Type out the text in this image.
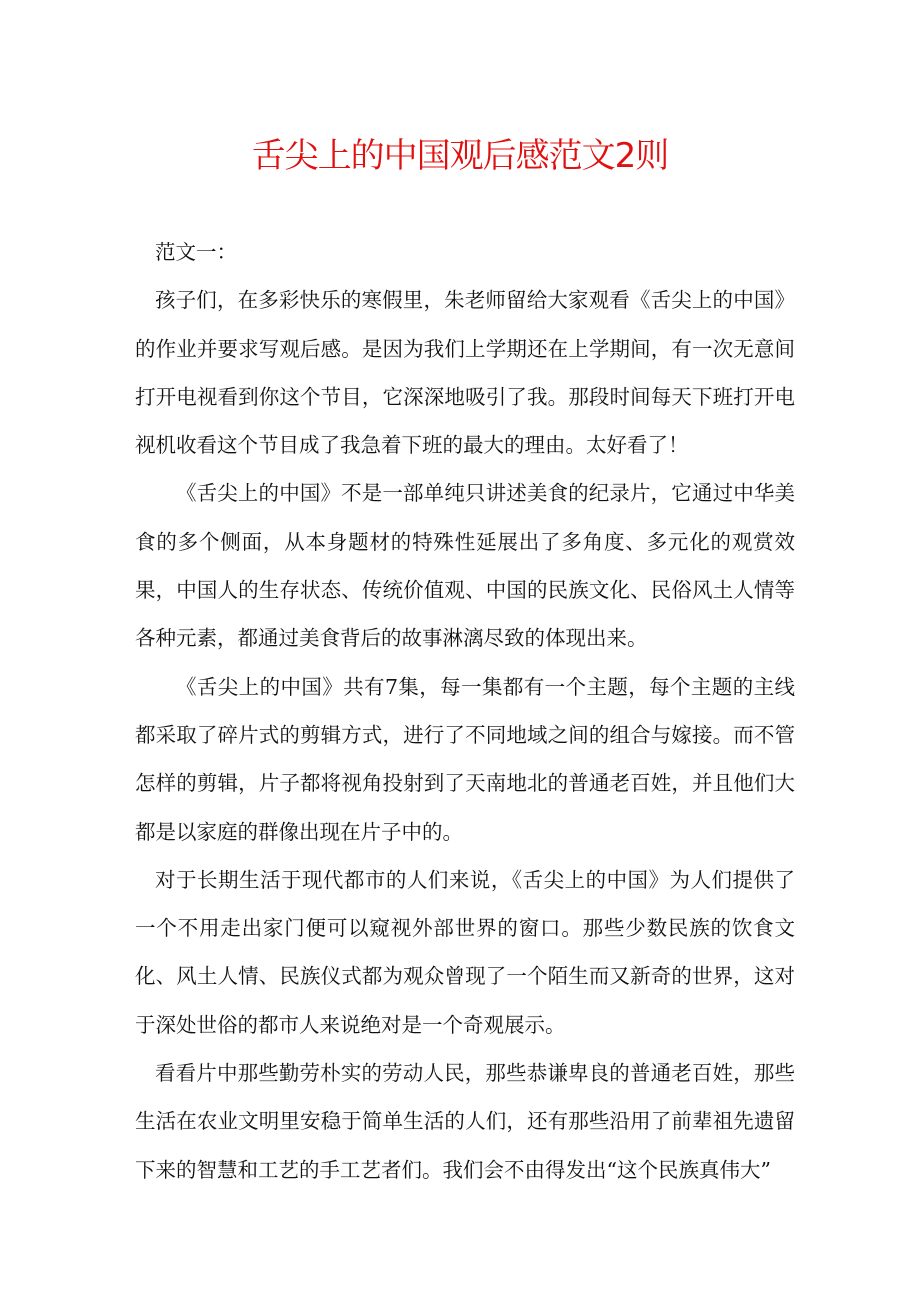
舌尖上的中国观后感范文2则

范文一：

孩子们，在多彩快乐的寒假里，朱老师留给大家观看《舌尖上的中国》的作业并要求写观后感。是因为我们上学期还在上学期间，有一次无意间打开电视看到你这个节目，它深深地吸引了我。那段时间每天下班打开电视机收看这个节目成了我急着下班的最大的理由。太好看了！

《舌尖上的中国》不是一部单纯只讲述美食的纪录片，它通过中华美食的多个侧面，从本身题材的特殊性延展出了多角度、多元化的观赏效果，中国人的生存状态、传统价值观、中国的民族文化、民俗风土人情等各种元素，都通过美食背后的故事淋漓尽致的体现出来。

《舌尖上的中国》共有7集，每一集都有一个主题，每个主题的主线都采取了碎片式的剪辑方式，进行了不同地域之间的组合与嫁接。而不管怎样的剪辑，片子都将视角投射到了天南地北的普通老百姓，并且他们大都是以家庭的群像出现在片子中的。

对于长期生活于现代都市的人们来说，《舌尖上的中国》为人们提供了一个不用走出家门便可以窥视外部世界的窗口。那些少数民族的饮食文化、风土人情、民族仪式都为观众曾现了一个陌生而又新奇的世界，这对于深处世俗的都市人来说绝对是一个奇观展示。

看看片中那些勤劳朴实的劳动人民，那些恭谦卑良的普通老百姓，那些生活在农业文明里安稳于简单生活的人们，还有那些沿用了前辈祖先遗留下来的智慧和工艺的手工艺者们。我们会不由得发出“这个民族真伟大”
